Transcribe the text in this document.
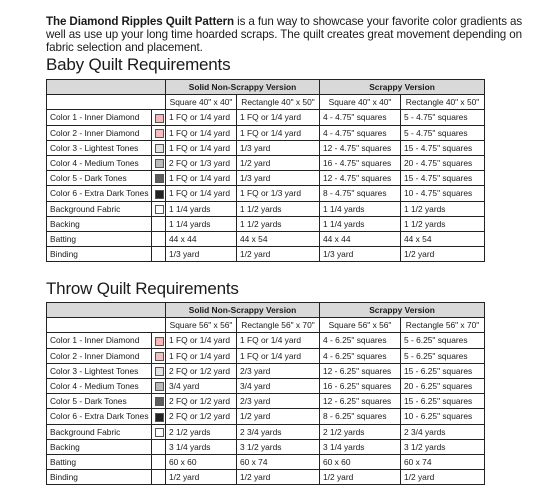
The Diamond Ripples Quilt Pattern is a fun way to showcase your favorite color gradients as well as use up your long time hoarded scraps. The quilt creates great movement depending on fabric selection and placement.

Baby Quilt Requirements
		Solid Non-Scrappy Version		Scrappy Version	
		Square 40" x 40"	Rectangle 40" x 50"	Square 40" x 40"	Rectangle 40" x 50"
Color 1 - Inner Diamond		1 FQ or 1/4 yard	1 FQ or 1/4 yard	4 - 4.75" squares	5 - 4.75" squares
Color 2 - Inner Diamond		1 FQ or 1/4 yard	1 FQ or 1/4 yard	4 - 4.75" squares	5 - 4.75" squares
Color 3 - Lightest Tones		1 FQ or 1/4 yard	1/3 yard	12 - 4.75" squares	15 - 4.75" squares
Color 4 - Medium Tones		2 FQ or 1/3 yard	1/2 yard	16 - 4.75" squares	20 - 4.75" squares
Color 5 - Dark Tones		1 FQ or 1/4 yard	1/3 yard	12 - 4.75" squares	15 - 4.75" squares
Color 6 - Extra Dark Tones		1 FQ or 1/4 yard	1 FQ or 1/3 yard	8 - 4.75" squares	10 - 4.75" squares
Background Fabric		1 1/4 yards	1 1/2 yards	1 1/4 yards	1 1/2 yards
Backing		1 1/4 yards	1 1/2 yards	1 1/4 yards	1 1/2 yards
Batting		44 x 44	44 x 54	44 x 44	44 x 54
Binding		1/3 yard	1/2 yard	1/3 yard	1/2 yard
Throw Quilt Requirements
		Solid Non-Scrappy Version		Scrappy Version	
		Square 56" x 56"	Rectangle 56" x 70"	Square 56" x 56"	Rectangle 56" x 70"
Color 1 - Inner Diamond		1 FQ or 1/4 yard	1 FQ or 1/4 yard	4 - 6.25" squares	5 - 6.25" squares
Color 2 - Inner Diamond		1 FQ or 1/4 yard	1 FQ or 1/4 yard	4 - 6.25" squares	5 - 6.25" squares
Color 3 - Lightest Tones		2 FQ or 1/2 yard	2/3 yard	12 - 6.25" squares	15 - 6.25" squares
Color 4 - Medium Tones		3/4 yard	3/4 yard	16 - 6.25" squares	20 - 6.25" squares
Color 5 - Dark Tones		2 FQ or 1/2 yard	2/3 yard	12 - 6.25" squares	15 - 6.25" squares
Color 6 - Extra Dark Tones		2 FQ or 1/2 yard	1/2 yard	8 - 6.25" squares	10 - 6.25" squares
Background Fabric		2 1/2 yards	2 3/4 yards	2 1/2 yards	2 3/4 yards
Backing		3 1/4 yards	3 1/2 yards	3 1/4 yards	3 1/2 yards
Batting		60 x 60	60 x 74	60 x 60	60 x 74
Binding		1/2 yard	1/2 yard	1/2 yard	1/2 yard
